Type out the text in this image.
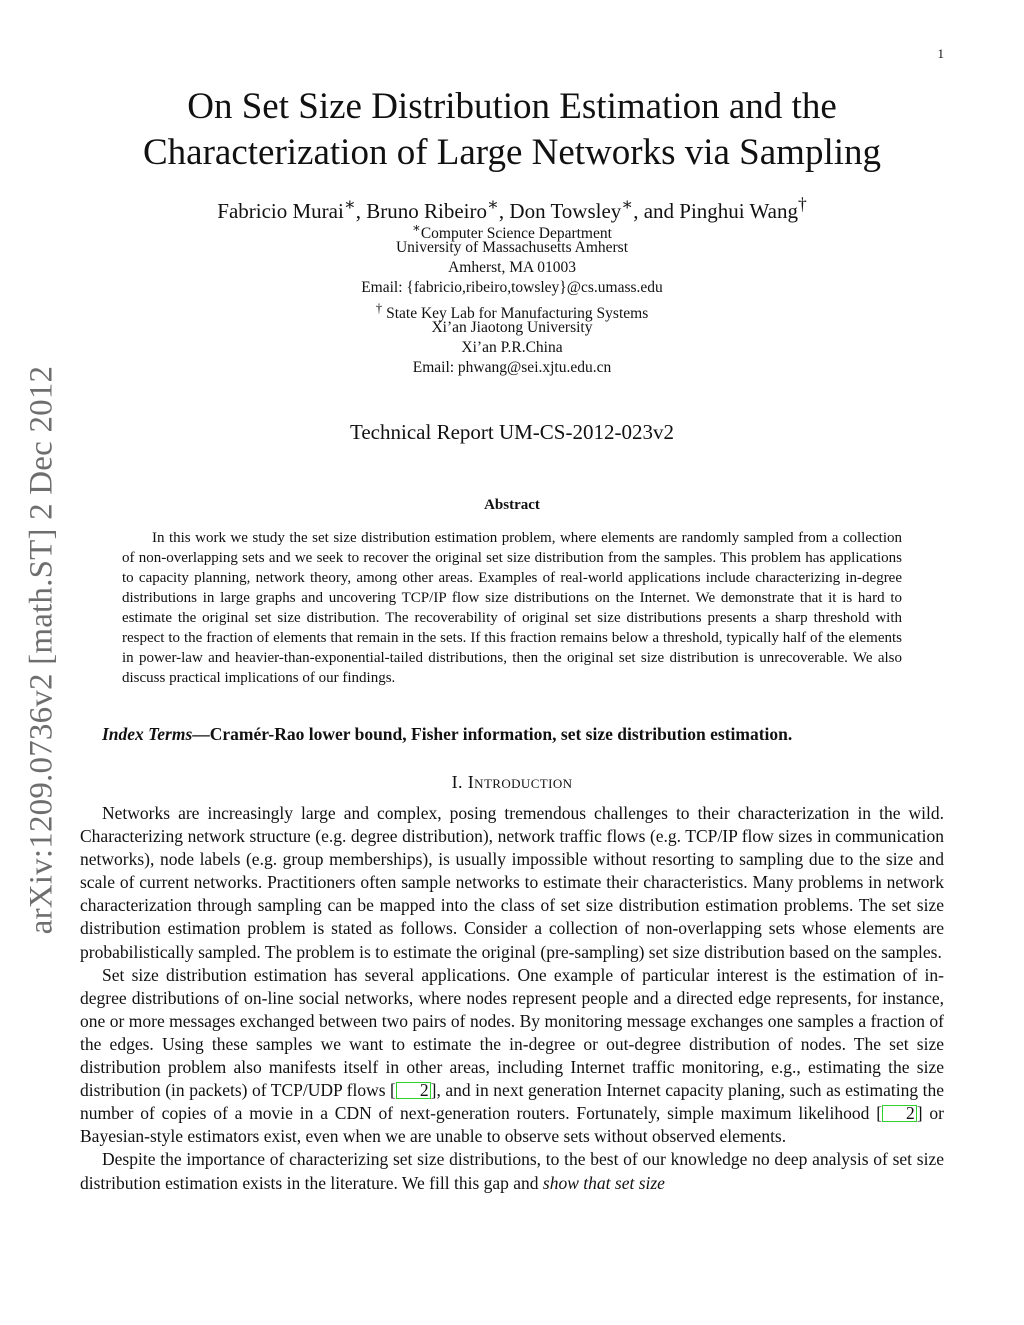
1
arXiv:1209.0736v2 [math.ST] 2 Dec 2012
On Set Size Distribution Estimation and the
Characterization of Large Networks via Sampling
Fabricio Murai∗, Bruno Ribeiro∗, Don Towsley∗, and Pinghui Wang†
∗Computer Science Department
University of Massachusetts Amherst
Amherst, MA 01003
Email: {fabricio,ribeiro,towsley}@cs.umass.edu
† State Key Lab for Manufacturing Systems
Xi’an Jiaotong University
Xi’an P.R.China
Email: phwang@sei.xjtu.edu.cn
Technical Report UM-CS-2012-023v2
Abstract

In this work we study the set size distribution estimation problem, where elements are randomly sampled from a collection of non-overlapping sets and we seek to recover the original set size distribution from the samples. This problem has applications to capacity planning, network theory, among other areas. Examples of real-world applications include characterizing in-degree distributions in large graphs and uncovering TCP/IP flow size distributions on the Internet. We demonstrate that it is hard to estimate the original set size distribution. The recoverability of original set size distributions presents a sharp threshold with respect to the fraction of elements that remain in the sets. If this fraction remains below a threshold, typically half of the elements in power-law and heavier-than-exponential-tailed distributions, then the original set size distribution is unrecoverable. We also discuss practical implications of our findings.

Index Terms—Cramér-Rao lower bound, Fisher information, set size distribution estimation.

I. Introduction

Networks are increasingly large and complex, posing tremendous challenges to their characterization in the wild. Characterizing network structure (e.g. degree distribution), network traffic flows (e.g. TCP/IP flow sizes in communication networks), node labels (e.g. group memberships), is usually impossible without resorting to sampling due to the size and scale of current networks. Practitioners often sample networks to estimate their characteristics. Many problems in network characterization through sampling can be mapped into the class of set size distribution estimation problems. The set size distribution estimation problem is stated as follows. Consider a collection of non-overlapping sets whose elements are probabilistically sampled. The problem is to estimate the original (pre-sampling) set size distribution based on the samples.

Set size distribution estimation has several applications. One example of particular interest is the estimation of in-degree distributions of on-line social networks, where nodes represent people and a directed edge represents, for instance, one or more messages exchanged between two pairs of nodes. By monitoring message exchanges one samples a fraction of the edges. Using these samples we want to estimate the in-degree or out-degree distribution of nodes. The set size distribution problem also manifests itself in other areas, including Internet traffic monitoring, e.g., estimating the size distribution (in packets) of TCP/UDP flows [ 2 ], and in next generation Internet capacity planing, such as estimating the number of copies of a movie in a CDN of next-generation routers. Fortunately, simple maximum likelihood [ 2 ] or Bayesian-style estimators exist, even when we are unable to observe sets without observed elements.

Despite the importance of characterizing set size distributions, to the best of our knowledge no deep analysis of set size distribution estimation exists in the literature. We fill this gap and show that set size
